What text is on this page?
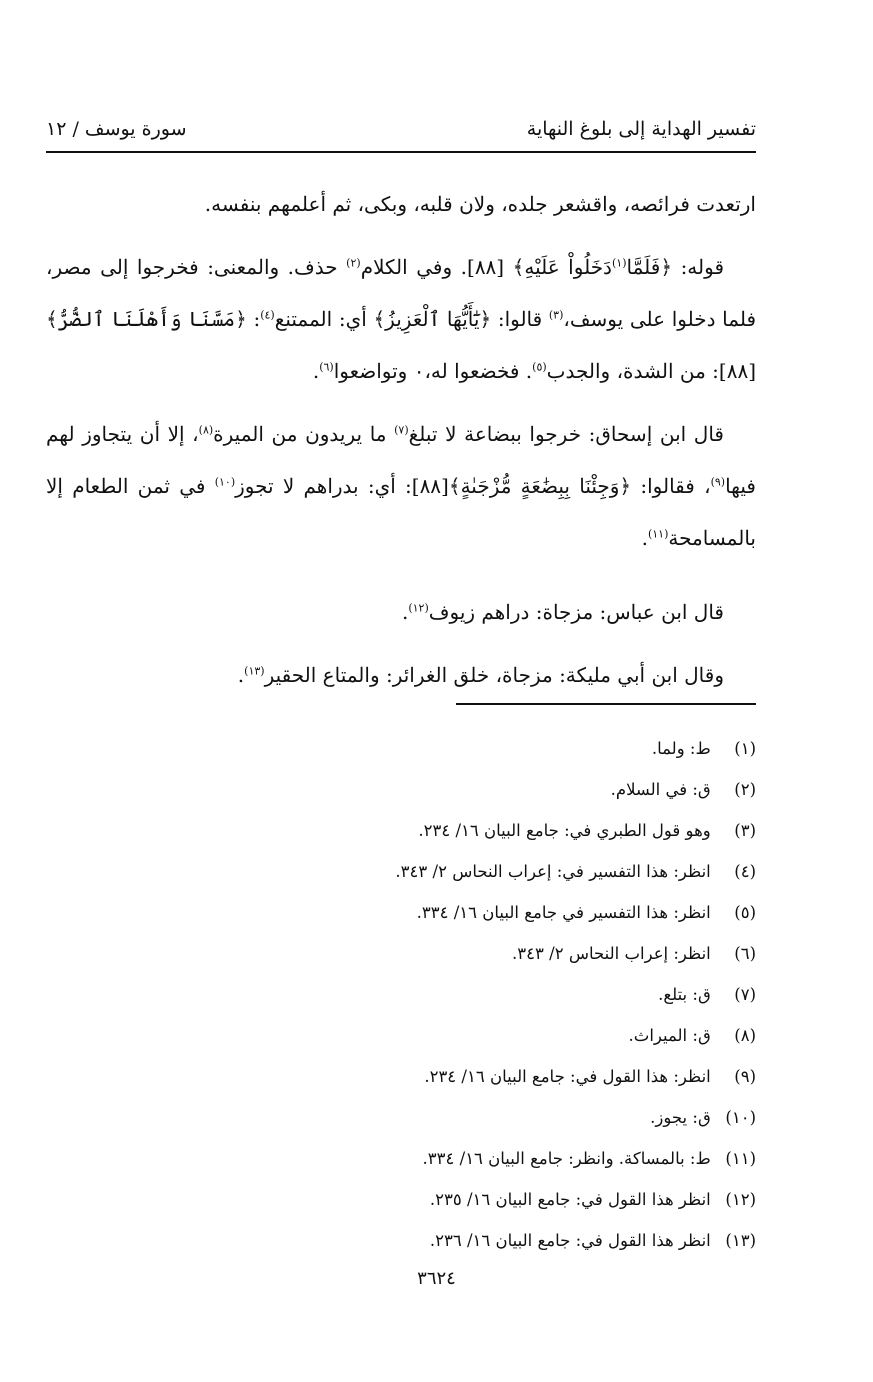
تفسير الهداية إلى بلوغ النهاية
سورة يوسف / ١٢

ارتعدت فرائصه، واقشعر جلده، ولان قلبه، وبكى، ثم أعلمهم بنفسه.

قوله: ﴿فَلَمَّا$^{(١)}$دَخَلُواْ عَلَيْهِ﴾ [٨٨]. وفي الكلام$^{(٢)}$ حذف. والمعنى: فخرجوا إلى مصر، فلما دخلوا على يوسف،$^{(٣)}$ قالوا: ﴿يَٰٓأَيُّهَا ٱلْعَزِيزُ﴾ أي: الممتنع$^{(٤)}$: ﴿مَسَّنَا وَأَهْلَنَا ٱلضُّرُّ﴾ [٨٨]: من الشدة، والجدب$^{(٥)}$. فخضعوا له،٠ وتواضعوا$^{(٦)}$.

قال ابن إسحاق: خرجوا ببضاعة لا تبلغ$^{(٧)}$ ما يريدون من الميرة$^{(٨)}$، إلا أن يتجاوز لهم فيها$^{(٩)}$، فقالوا: ﴿وَجِئْنَا بِبِضَٰعَةٍ مُّزْجَىٰةٍ﴾[٨٨]: أي: بدراهم لا تجوز$^{(١٠)}$ في ثمن الطعام إلا بالمسامحة$^{(١١)}$.

قال ابن عباس: مزجاة: دراهم زيوف$^{(١٢)}$.

وقال ابن أبي مليكة: مزجاة، خلق الغرائر: والمتاع الحقير$^{(١٣)}$.

(١) ط: ولما.
(٢) ق: في السلام.
(٣) وهو قول الطبري في: جامع البيان ١٦/ ٢٣٤.
(٤) انظر: هذا التفسير في: إعراب النحاس ٢/ ٣٤٣.
(٥) انظر: هذا التفسير في جامع البيان ١٦/ ٣٣٤.
(٦) انظر: إعراب النحاس ٢/ ٣٤٣.
(٧) ق: بتلع.
(٨) ق: الميراث.
(٩) انظر: هذا القول في: جامع البيان ١٦/ ٢٣٤.
(١٠) ق: يجوز.
(١١) ط: بالمساكة. وانظر: جامع البيان ١٦/ ٣٣٤.
(١٢) انظر هذا القول في: جامع البيان ١٦/ ٢٣٥.
(١٣) انظر هذا القول في: جامع البيان ١٦/ ٢٣٦.
٣٦٢٤
